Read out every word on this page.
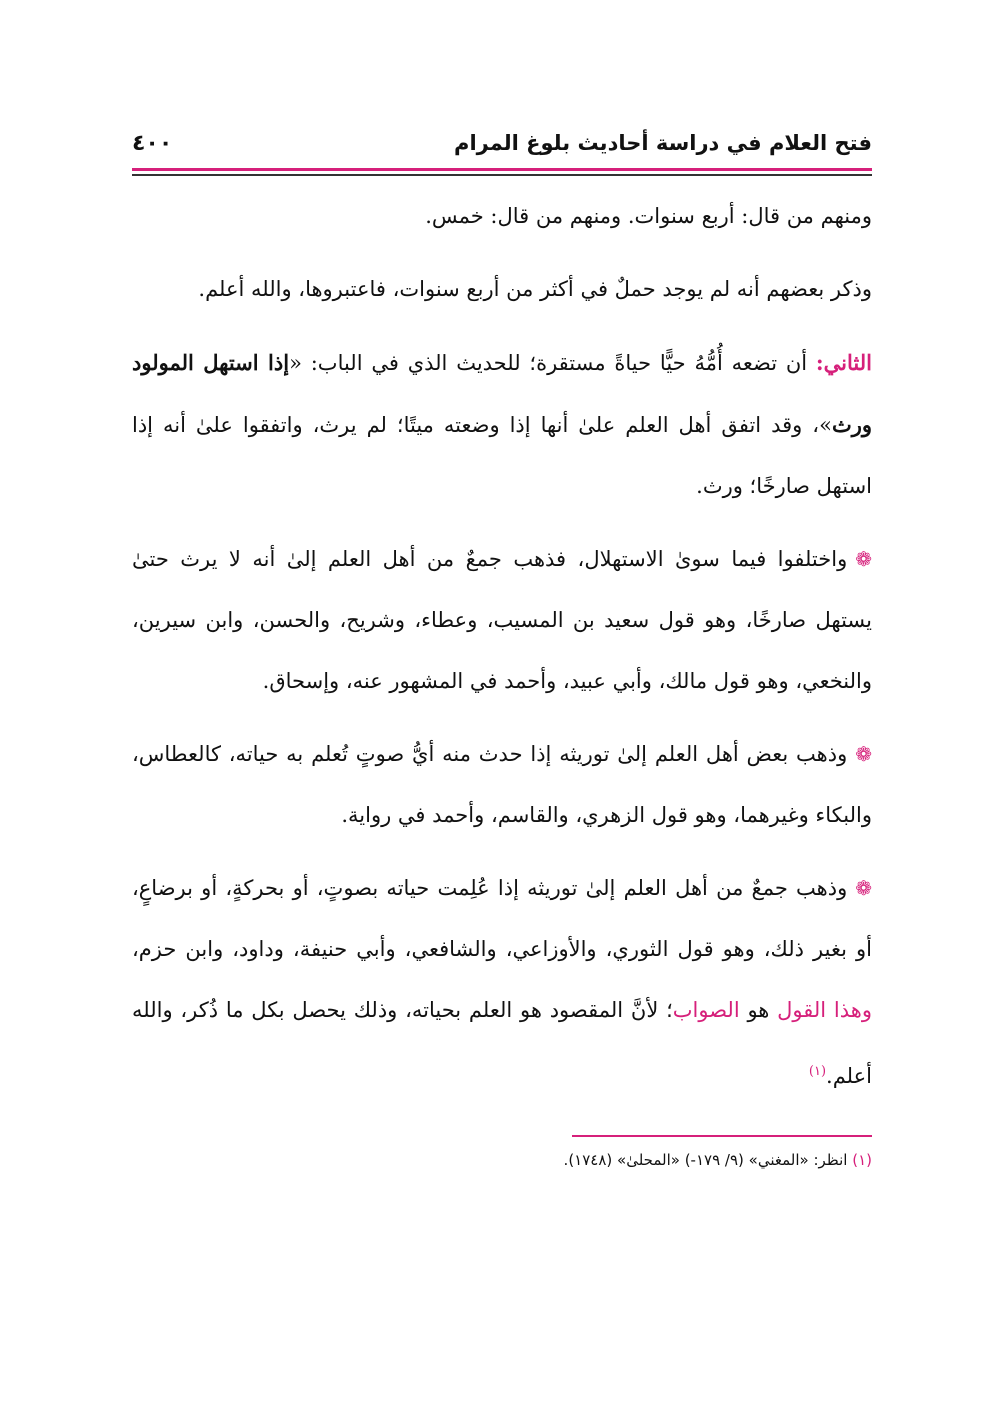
فتح العلام في دراسة أحاديث بلوغ المرام
٤٠٠

ومنهم من قال: أربع سنوات. ومنهم من قال: خمس.

وذكر بعضهم أنه لم يوجد حملٌ في أكثر من أربع سنوات، فاعتبروها، والله أعلم.

الثاني: أن تضعه أُمُّهُ حيًّا حياةً مستقرة؛ للحديث الذي في الباب: «إذا استهل المولود ورث»، وقد اتفق أهل العلم علىٰ أنها إذا وضعته ميتًا؛ لم يرث، واتفقوا علىٰ أنه إذا استهل صارخًا؛ ورث.

❁واختلفوا فيما سوىٰ الاستهلال، فذهب جمعٌ من أهل العلم إلىٰ أنه لا يرث حتىٰ يستهل صارخًا، وهو قول سعيد بن المسيب، وعطاء، وشريح، والحسن، وابن سيرين، والنخعي، وهو قول مالك، وأبي عبيد، وأحمد في المشهور عنه، وإسحاق.

❁وذهب بعض أهل العلم إلىٰ توريثه إذا حدث منه أيُّ صوتٍ تُعلم به حياته، كالعطاس، والبكاء وغيرهما، وهو قول الزهري، والقاسم، وأحمد في رواية.

❁وذهب جمعٌ من أهل العلم إلىٰ توريثه إذا عُلِمت حياته بصوتٍ، أو بحركةٍ، أو برضاعٍ، أو بغير ذلك، وهو قول الثوري، والأوزاعي، والشافعي، وأبي حنيفة، وداود، وابن حزم، وهذا القول هو الصواب؛ لأنَّ المقصود هو العلم بحياته، وذلك يحصل بكل ما ذُكر، والله أعلم.$^{(١)}$

(١) انظر: «المغني» (٩/ ١٧٩-) «المحلىٰ» (١٧٤٨).
